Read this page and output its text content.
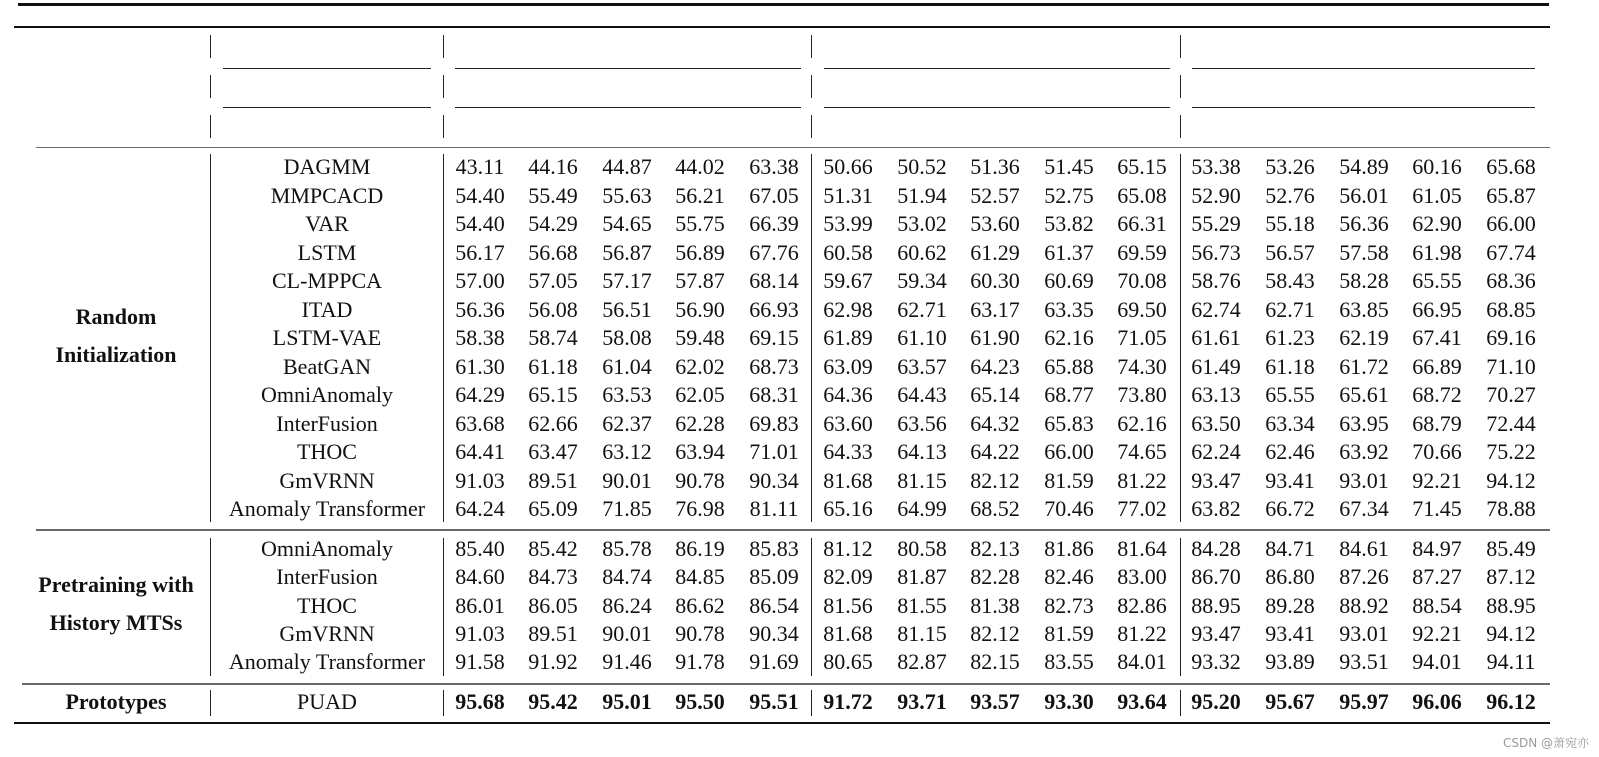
Random
Initialization
DAGMM	43.11 44.16 44.87 44.02 63.38 50.66 50.52 51.36 51.45 65.15 53.38 53.26 54.89 60.16 65.68
MMPCACD	54.40 55.49 55.63 56.21 67.05 51.31 51.94 52.57 52.75 65.08 52.90 52.76 56.01 61.05 65.87
VAR	54.40 54.29 54.65 55.75 66.39 53.99 53.02 53.60 53.82 66.31 55.29 55.18 56.36 62.90 66.00
LSTM	56.17 56.68 56.87 56.89 67.76 60.58 60.62 61.29 61.37 69.59 56.73 56.57 57.58 61.98 67.74
CL-MPPCA	57.00 57.05 57.17 57.87 68.14 59.67 59.34 60.30 60.69 70.08 58.76 58.43 58.28 65.55 68.36
ITAD	56.36 56.08 56.51 56.90 66.93 62.98 62.71 63.17 63.35 69.50 62.74 62.71 63.85 66.95 68.85
LSTM-VAE	58.38 58.74 58.08 59.48 69.15 61.89 61.10 61.90 62.16 71.05 61.61 61.23 62.19 67.41 69.16
BeatGAN	61.30 61.18 61.04 62.02 68.73 63.09 63.57 64.23 65.88 74.30 61.49 61.18 61.72 66.89 71.10
OmniAnomaly	64.29 65.15 63.53 62.05 68.31 64.36 64.43 65.14 68.77 73.80 63.13 65.55 65.61 68.72 70.27
InterFusion	63.68 62.66 62.37 62.28 69.83 63.60 63.56 64.32 65.83 62.16 63.50 63.34 63.95 68.79 72.44
THOC	64.41 63.47 63.12 63.94 71.01 64.33 64.13 64.22 66.00 74.65 62.24 62.46 63.92 70.66 75.22
GmVRNN	91.03 89.51 90.01 90.78 90.34 81.68 81.15 82.12 81.59 81.22 93.47 93.41 93.01 92.21 94.12
Anomaly Transformer 64.24 65.09 71.85 76.98 81.11 65.16 64.99 68.52 70.46 77.02 63.82 66.72 67.34 71.45 78.88
Pretraining with
History MTSs
OmniAnomaly	85.40 85.42 85.78 86.19 85.83 81.12 80.58 82.13 81.86 81.64 84.28 84.71 84.61 84.97 85.49
InterFusion	84.60 84.73 84.74 84.85 85.09 82.09 81.87 82.28 82.46 83.00 86.70 86.80 87.26 87.27 87.12
THOC	86.01 86.05 86.24 86.62 86.54 81.56 81.55 81.38 82.73 82.86 88.95 89.28 88.92 88.54 88.95
GmVRNN	91.03 89.51 90.01 90.78 90.34 81.68 81.15 82.12 81.59 81.22 93.47 93.41 93.01 92.21 94.12
Anomaly Transformer 91.58 91.92 91.46 91.78 91.69 80.65 82.87 82.15 83.55 84.01 93.32 93.89 93.51 94.01 94.11
Prototypes	PUAD	95.68 95.42 95.01 95.50 95.51 91.72 93.71 93.57 93.30 93.64 95.20 95.67 95.97 96.06 96.12
CSDN @萧宛亦
